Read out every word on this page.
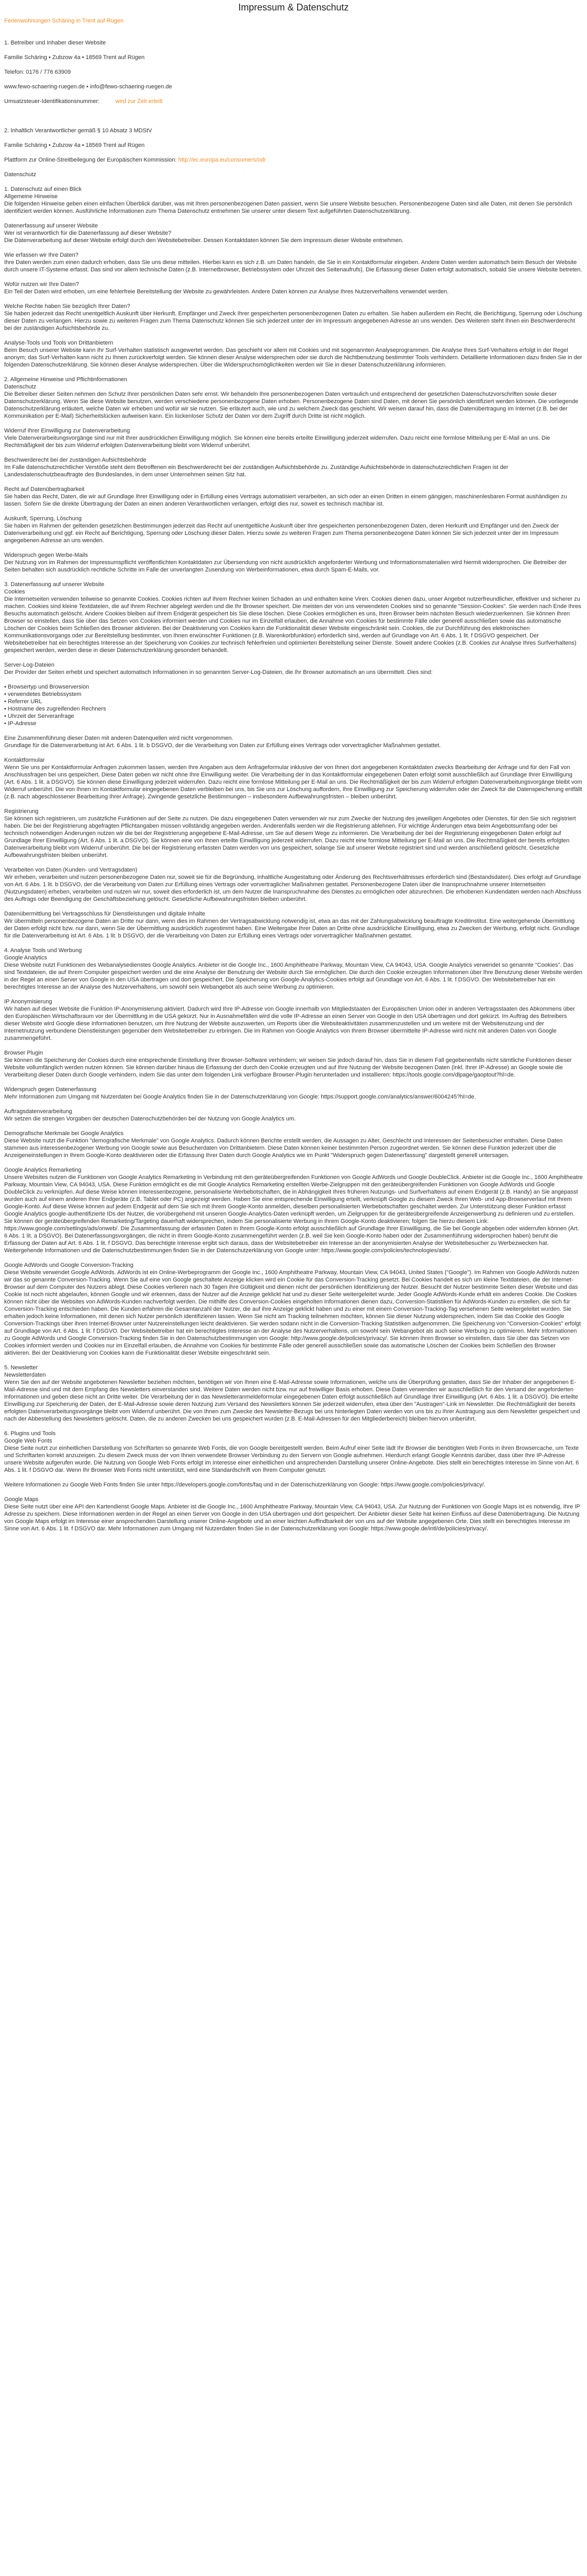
Impressum & Datenschutz
Ferienwohnungen Schäring in Trent auf Rügen
1. Betreiber und Inhaber dieser Website
Familie Schäring • Zubzow 4a • 18569 Trent auf Rügen
Telefon: 0176 / 776 63909
www.fewo-schaering-ruegen.de • info@fewo-schaering-ruegen.de
Umsatzsteuer-Identifikationsnummer:	wird zur Zeit erteilt
2. Inhaltlich Verantwortlicher gemäß § 10 Absatz 3 MDStV
Familie Schäring • Zubzow 4a • 18569 Trent auf Rügen
Plattform zur Online-Streitbeilegung der Europäischen Kommission: http://ec.europa.eu/consumers/odr

Datenschutz

1. Datenschutz auf einen Blick
Allgemeine Hinweise
Die folgenden Hinweise geben einen einfachen Überblick darüber, was mit Ihren personenbezogenen Daten passiert, wenn Sie unsere Website besuchen. Personenbezogene Daten sind alle Daten, mit denen Sie persönlich identifiziert werden können. Ausführliche Informationen zum Thema Datenschutz entnehmen Sie unserer unter diesem Text aufgeführten Datenschutzerklärung.
Datenerfassung auf unserer Website
Wer ist verantwortlich für die Datenerfassung auf dieser Website?
Die Datenverarbeitung auf dieser Website erfolgt durch den Websitebetreiber. Dessen Kontaktdaten können Sie dem Impressum dieser Website entnehmen.
Wie erfassen wir Ihre Daten?
Ihre Daten werden zum einen dadurch erhoben, dass Sie uns diese mitteilen. Hierbei kann es sich z.B. um Daten handeln, die Sie in ein Kontaktformular eingeben. Andere Daten werden automatisch beim Besuch der Website durch unsere IT-Systeme erfasst. Das sind vor allem technische Daten (z.B. Internetbrowser, Betriebssystem oder Uhrzeit des Seitenaufrufs). Die Erfassung dieser Daten erfolgt automatisch, sobald Sie unsere Website betreten.
Wofür nutzen wir Ihre Daten?
Ein Teil der Daten wird erhoben, um eine fehlerfreie Bereitstellung der Website zu gewährleisten. Andere Daten können zur Analyse Ihres Nutzerverhaltens verwendet werden.
Welche Rechte haben Sie bezüglich Ihrer Daten?
Sie haben jederzeit das Recht unentgeltlich Auskunft über Herkunft, Empfänger und Zweck Ihrer gespeicherten personenbezogenen Daten zu erhalten. Sie haben außerdem ein Recht, die Berichtigung, Sperrung oder Löschung dieser Daten zu verlangen. Hierzu sowie zu weiteren Fragen zum Thema Datenschutz können Sie sich jederzeit unter der im Impressum angegebenen Adresse an uns wenden. Des Weiteren steht Ihnen ein Beschwerderecht bei der zuständigen Aufsichtsbehörde zu.
Analyse-Tools und Tools von Drittanbietern
Beim Besuch unserer Website kann Ihr Surf-Verhalten statistisch ausgewertet werden. Das geschieht vor allem mit Cookies und mit sogenannten Analyseprogrammen. Die Analyse Ihres Surf-Verhaltens erfolgt in der Regel anonym; das Surf-Verhalten kann nicht zu Ihnen zurückverfolgt werden. Sie können dieser Analyse widersprechen oder sie durch die Nichtbenutzung bestimmter Tools verhindern. Detaillierte Informationen dazu finden Sie in der folgenden Datenschutzerklärung. Sie können dieser Analyse widersprechen. Über die Widerspruchsmöglichkeiten werden wir Sie in dieser Datenschutzerklärung informieren.
2. Allgemeine Hinweise und Pflichtinformationen
Datenschutz
Die Betreiber dieser Seiten nehmen den Schutz Ihrer persönlichen Daten sehr ernst. Wir behandeln Ihre personenbezogenen Daten vertraulich und entsprechend der gesetzlichen Datenschutzvorschriften sowie dieser Datenschutzerklärung. Wenn Sie diese Website benutzen, werden verschiedene personenbezogene Daten erhoben. Personenbezogene Daten sind Daten, mit denen Sie persönlich identifiziert werden können. Die vorliegende Datenschutzerklärung erläutert, welche Daten wir erheben und wofür wir sie nutzen. Sie erläutert auch, wie und zu welchem Zweck das geschieht. Wir weisen darauf hin, dass die Datenübertragung im Internet (z.B. bei der Kommunikation per E-Mail) Sicherheitslücken aufweisen kann. Ein lückenloser Schutz der Daten vor dem Zugriff durch Dritte ist nicht möglich.
Widerruf Ihrer Einwilligung zur Datenverarbeitung
Viele Datenverarbeitungsvorgänge sind nur mit Ihrer ausdrücklichen Einwilligung möglich. Sie können eine bereits erteilte Einwilligung jederzeit widerrufen. Dazu reicht eine formlose Mitteilung per E-Mail an uns. Die Rechtmäßigkeit der bis zum Widerruf erfolgten Datenverarbeitung bleibt vom Widerruf unberührt.
Beschwerderecht bei der zuständigen Aufsichtsbehörde
Im Falle datenschutzrechtlicher Verstöße steht dem Betroffenen ein Beschwerderecht bei der zuständigen Aufsichtsbehörde zu. Zuständige Aufsichtsbehörde in datenschutzrechtlichen Fragen ist der Landesdatenschutzbeauftragte des Bundeslandes, in dem unser Unternehmen seinen Sitz hat.
Recht auf Datenübertragbarkeit
Sie haben das Recht, Daten, die wir auf Grundlage Ihrer Einwilligung oder in Erfüllung eines Vertrags automatisiert verarbeiten, an sich oder an einen Dritten in einem gängigen, maschinenlesbaren Format aushändigen zu lassen. Sofern Sie die direkte Übertragung der Daten an einen anderen Verantwortlichen verlangen, erfolgt dies nur, soweit es technisch machbar ist.
Auskunft, Sperrung, Löschung
Sie haben im Rahmen der geltenden gesetzlichen Bestimmungen jederzeit das Recht auf unentgeltliche Auskunft über Ihre gespeicherten personenbezogenen Daten, deren Herkunft und Empfänger und den Zweck der Datenverarbeitung und ggf. ein Recht auf Berichtigung, Sperrung oder Löschung dieser Daten. Hierzu sowie zu weiteren Fragen zum Thema personenbezogene Daten können Sie sich jederzeit unter der im Impressum angegebenen Adresse an uns wenden.
Widerspruch gegen Werbe-Mails
Der Nutzung von im Rahmen der Impressumspflicht veröffentlichten Kontaktdaten zur Übersendung von nicht ausdrücklich angeforderter Werbung und Informationsmaterialien wird hiermit widersprochen. Die Betreiber der Seiten behalten sich ausdrücklich rechtliche Schritte im Falle der unverlangten Zusendung von Werbeinformationen, etwa durch Spam-E-Mails, vor.
3. Datenerfassung auf unserer Website
Cookies
Die Internetseiten verwenden teilweise so genannte Cookies. Cookies richten auf Ihrem Rechner keinen Schaden an und enthalten keine Viren. Cookies dienen dazu, unser Angebot nutzerfreundlicher, effektiver und sicherer zu machen. Cookies sind kleine Textdateien, die auf Ihrem Rechner abgelegt werden und die Ihr Browser speichert. Die meisten der von uns verwendeten Cookies sind so genannte "Session-Cookies". Sie werden nach Ende Ihres Besuchs automatisch gelöscht. Andere Cookies bleiben auf Ihrem Endgerät gespeichert bis Sie diese löschen. Diese Cookies ermöglichen es uns, Ihren Browser beim nächsten Besuch wiederzuerkennen. Sie können Ihren Browser so einstellen, dass Sie über das Setzen von Cookies informiert werden und Cookies nur im Einzelfall erlauben, die Annahme von Cookies für bestimmte Fälle oder generell ausschließen sowie das automatische Löschen der Cookies beim Schließen des Browser aktivieren. Bei der Deaktivierung von Cookies kann die Funktionalität dieser Website eingeschränkt sein. Cookies, die zur Durchführung des elektronischen Kommunikationsvorgangs oder zur Bereitstellung bestimmter, von Ihnen erwünschter Funktionen (z.B. Warenkorbfunktion) erforderlich sind, werden auf Grundlage von Art. 6 Abs. 1 lit. f DSGVO gespeichert. Der Websitebetreiber hat ein berechtigtes Interesse an der Speicherung von Cookies zur technisch fehlerfreien und optimierten Bereitstellung seiner Dienste. Soweit andere Cookies (z.B. Cookies zur Analyse Ihres Surfverhaltens) gespeichert werden, werden diese in dieser Datenschutzerklärung gesondert behandelt.
Server-Log-Dateien
Der Provider der Seiten erhebt und speichert automatisch Informationen in so genannten Server-Log-Dateien, die Ihr Browser automatisch an uns übermittelt. Dies sind:
• Browsertyp und Browserversion
• verwendetes Betriebssystem
• Referrer URL
• Hostname des zugreifenden Rechners
• Uhrzeit der Serveranfrage
• IP-Adresse
Eine Zusammenführung dieser Daten mit anderen Datenquellen wird nicht vorgenommen.
Grundlage für die Datenverarbeitung ist Art. 6 Abs. 1 lit. b DSGVO, der die Verarbeitung von Daten zur Erfüllung eines Vertrags oder vorvertraglicher Maßnahmen gestattet.
Kontaktformular
Wenn Sie uns per Kontaktformular Anfragen zukommen lassen, werden Ihre Angaben aus dem Anfrageformular inklusive der von Ihnen dort angegebenen Kontaktdaten zwecks Bearbeitung der Anfrage und für den Fall von Anschlussfragen bei uns gespeichert. Diese Daten geben wir nicht ohne Ihre Einwilligung weiter. Die Verarbeitung der in das Kontaktformular eingegebenen Daten erfolgt somit ausschließlich auf Grundlage Ihrer Einwilligung (Art. 6 Abs. 1 lit. a DSGVO). Sie können diese Einwilligung jederzeit widerrufen. Dazu reicht eine formlose Mitteilung per E-Mail an uns. Die Rechtmäßigkeit der bis zum Widerruf erfolgten Datenverarbeitungsvorgänge bleibt vom Widerruf unberührt. Die von Ihnen im Kontaktformular eingegebenen Daten verbleiben bei uns, bis Sie uns zur Löschung auffordern, Ihre Einwilligung zur Speicherung widerrufen oder der Zweck für die Datenspeicherung entfällt (z.B. nach abgeschlossener Bearbeitung Ihrer Anfrage). Zwingende gesetzliche Bestimmungen – insbesondere Aufbewahrungsfristen – bleiben unberührt.
Registrierung
Sie können sich registrieren, um zusätzliche Funktionen auf der Seite zu nutzen. Die dazu eingegebenen Daten verwenden wir nur zum Zwecke der Nutzung des jeweiligen Angebotes oder Dienstes, für den Sie sich registriert haben. Die bei der Registrierung abgefragten Pflichtangaben müssen vollständig angegeben werden. Anderenfalls werden wir die Registrierung ablehnen. Für wichtige Änderungen etwa beim Angebotsumfang oder bei technisch notwendigen Änderungen nutzen wir die bei der Registrierung angegebene E-Mail-Adresse, um Sie auf diesem Wege zu informieren. Die Verarbeitung der bei der Registrierung eingegebenen Daten erfolgt auf Grundlage Ihrer Einwilligung (Art. 6 Abs. 1 lit. a DSGVO). Sie können eine von Ihnen erteilte Einwilligung jederzeit widerrufen. Dazu reicht eine formlose Mitteilung per E-Mail an uns. Die Rechtmäßigkeit der bereits erfolgten Datenverarbeitung bleibt vom Widerruf unberührt. Die bei der Registrierung erfassten Daten werden von uns gespeichert, solange Sie auf unserer Website registriert sind und werden anschließend gelöscht. Gesetzliche Aufbewahrungsfristen bleiben unberührt.
Verarbeiten von Daten (Kunden- und Vertragsdaten)
Wir erheben, verarbeiten und nutzen personenbezogene Daten nur, soweit sie für die Begründung, inhaltliche Ausgestaltung oder Änderung des Rechtsverhältnisses erforderlich sind (Bestandsdaten). Dies erfolgt auf Grundlage von Art. 6 Abs. 1 lit. b DSGVO, der die Verarbeitung von Daten zur Erfüllung eines Vertrags oder vorvertraglicher Maßnahmen gestattet. Personenbezogene Daten über die Inanspruchnahme unserer Internetseiten (Nutzungsdaten) erheben, verarbeiten und nutzen wir nur, soweit dies erforderlich ist, um dem Nutzer die Inanspruchnahme des Dienstes zu ermöglichen oder abzurechnen. Die erhobenen Kundendaten werden nach Abschluss des Auftrags oder Beendigung der Geschäftsbeziehung gelöscht. Gesetzliche Aufbewahrungsfristen bleiben unberührt.
Datenübermittlung bei Vertragsschluss für Dienstleistungen und digitale Inhalte
Wir übermitteln personenbezogene Daten an Dritte nur dann, wenn dies im Rahmen der Vertragsabwicklung notwendig ist, etwa an das mit der Zahlungsabwicklung beauftragte Kreditinstitut. Eine weitergehende Übermittlung der Daten erfolgt nicht bzw. nur dann, wenn Sie der Übermittlung ausdrücklich zugestimmt haben. Eine Weitergabe Ihrer Daten an Dritte ohne ausdrückliche Einwilligung, etwa zu Zwecken der Werbung, erfolgt nicht. Grundlage für die Datenverarbeitung ist Art. 6 Abs. 1 lit. b DSGVO, der die Verarbeitung von Daten zur Erfüllung eines Vertrags oder vorvertraglicher Maßnahmen gestattet.
4. Analyse Tools und Werbung
Google Analytics
Diese Website nutzt Funktionen des Webanalysedienstes Google Analytics. Anbieter ist die Google Inc., 1600 Amphitheatre Parkway, Mountain View, CA 94043, USA. Google Analytics verwendet so genannte "Cookies". Das sind Textdateien, die auf Ihrem Computer gespeichert werden und die eine Analyse der Benutzung der Website durch Sie ermöglichen. Die durch den Cookie erzeugten Informationen über Ihre Benutzung dieser Website werden in der Regel an einen Server von Google in den USA übertragen und dort gespeichert. Die Speicherung von Google-Analytics-Cookies erfolgt auf Grundlage von Art. 6 Abs. 1 lit. f DSGVO. Der Websitebetreiber hat ein berechtigtes Interesse an der Analyse des Nutzerverhaltens, um sowohl sein Webangebot als auch seine Werbung zu optimieren.
IP Anonymisierung
Wir haben auf dieser Website die Funktion IP-Anonymisierung aktiviert. Dadurch wird Ihre IP-Adresse von Google innerhalb von Mitgliedstaaten der Europäischen Union oder in anderen Vertragsstaaten des Abkommens über den Europäischen Wirtschaftsraum vor der Übermittlung in die USA gekürzt. Nur in Ausnahmefällen wird die volle IP-Adresse an einen Server von Google in den USA übertragen und dort gekürzt. Im Auftrag des Betreibers dieser Website wird Google diese Informationen benutzen, um Ihre Nutzung der Website auszuwerten, um Reports über die Websiteaktivitäten zusammenzustellen und um weitere mit der Websitenutzung und der Internetnutzung verbundene Dienstleistungen gegenüber dem Websitebetreiber zu erbringen. Die im Rahmen von Google Analytics von Ihrem Browser übermittelte IP-Adresse wird nicht mit anderen Daten von Google zusammengeführt.
Browser Plugin
Sie können die Speicherung der Cookies durch eine entsprechende Einstellung Ihrer Browser-Software verhindern; wir weisen Sie jedoch darauf hin, dass Sie in diesem Fall gegebenenfalls nicht sämtliche Funktionen dieser Website vollumfänglich werden nutzen können. Sie können darüber hinaus die Erfassung der durch den Cookie erzeugten und auf Ihre Nutzung der Website bezogenen Daten (inkl. Ihrer IP-Adresse) an Google sowie die Verarbeitung dieser Daten durch Google verhindern, indem Sie das unter dem folgenden Link verfügbare Browser-Plugin herunterladen und installieren: https://tools.google.com/dlpage/gaoptout?hl=de.
Widerspruch gegen Datenerfassung
Mehr Informationen zum Umgang mit Nutzerdaten bei Google Analytics finden Sie in der Datenschutzerklärung von Google: https://support.google.com/analytics/answer/6004245?hl=de.
Auftragsdatenverarbeitung
Wir setzen die strengen Vorgaben der deutschen Datenschutzbehörden bei der Nutzung von Google Analytics um.
Demografische Merkmale bei Google Analytics
Diese Website nutzt die Funktion "demografische Merkmale" von Google Analytics. Dadurch können Berichte erstellt werden, die Aussagen zu Alter, Geschlecht und Interessen der Seitenbesucher enthalten. Diese Daten stammen aus interessenbezogener Werbung von Google sowie aus Besucherdaten von Drittanbietern. Diese Daten können keiner bestimmten Person zugeordnet werden. Sie können diese Funktion jederzeit über die Anzeigeneinstellungen in Ihrem Google-Konto deaktivieren oder die Erfassung Ihrer Daten durch Google Analytics wie im Punkt "Widerspruch gegen Datenerfassung" dargestellt generell untersagen.
Google Analytics Remarketing
Unsere Websites nutzen die Funktionen von Google Analytics Remarketing in Verbindung mit den geräteübergreifenden Funktionen von Google AdWords und Google DoubleClick. Anbieter ist die Google Inc., 1600 Amphitheatre Parkway, Mountain View, CA 94043, USA. Diese Funktion ermöglicht es die mit Google Analytics Remarketing erstellten Werbe-Zielgruppen mit den geräteübergreifenden Funktionen von Google AdWords und Google DoubleClick zu verknüpfen. Auf diese Weise können interessenbezogene, personalisierte Werbebotschaften, die in Abhängigkeit Ihres früheren Nutzungs- und Surfverhaltens auf einem Endgerät (z.B. Handy) an Sie angepasst wurden auch auf einem anderen Ihrer Endgeräte (z.B. Tablet oder PC) angezeigt werden. Haben Sie eine entsprechende Einwilligung erteilt, verknüpft Google zu diesem Zweck Ihren Web- und App-Browserverlauf mit Ihrem Google-Konto. Auf diese Weise können auf jedem Endgerät auf dem Sie sich mit Ihrem Google-Konto anmelden, dieselben personalisierten Werbebotschaften geschaltet werden. Zur Unterstützung dieser Funktion erfasst Google Analytics google-authentifizierte IDs der Nutzer, die vorübergehend mit unseren Google-Analytics-Daten verknüpft werden, um Zielgruppen für die geräteübergreifende Anzeigenwerbung zu definieren und zu erstellen. Sie können der geräteübergreifenden Remarketing/Targeting dauerhaft widersprechen, indem Sie personalisierte Werbung in Ihrem Google-Konto deaktivieren; folgen Sie hierzu diesem Link: https://www.google.com/settings/ads/onweb/. Die Zusammenfassung der erfassten Daten in Ihrem Google-Konto erfolgt ausschließlich auf Grundlage Ihrer Einwilligung, die Sie bei Google abgeben oder widerrufen können (Art. 6 Abs. 1 lit. a DSGVO). Bei Datenerfassungsvorgängen, die nicht in Ihrem Google-Konto zusammengeführt werden (z.B. weil Sie kein Google-Konto haben oder der Zusammenführung widersprochen haben) beruht die Erfassung der Daten auf Art. 6 Abs. 1 lit. f DSGVO. Das berechtigte Interesse ergibt sich daraus, dass der Websitebetreiber ein Interesse an der anonymisierten Analyse der Websitebesucher zu Werbezwecken hat.
Weitergehende Informationen und die Datenschutzbestimmungen finden Sie in der Datenschutzerklärung von Google unter: https://www.google.com/policies/technologies/ads/.
Google AdWords und Google Conversion-Tracking
Diese Website verwendet Google AdWords. AdWords ist ein Online-Werbeprogramm der Google Inc., 1600 Amphitheatre Parkway, Mountain View, CA 94043, United States ("Google"). Im Rahmen von Google AdWords nutzen wir das so genannte Conversion-Tracking. Wenn Sie auf eine von Google geschaltete Anzeige klicken wird ein Cookie für das Conversion-Tracking gesetzt. Bei Cookies handelt es sich um kleine Textdateien, die der Internet-Browser auf dem Computer des Nutzers ablegt. Diese Cookies verlieren nach 30 Tagen ihre Gültigkeit und dienen nicht der persönlichen Identifizierung der Nutzer. Besucht der Nutzer bestimmte Seiten dieser Website und das Cookie ist noch nicht abgelaufen, können Google und wir erkennen, dass der Nutzer auf die Anzeige geklickt hat und zu dieser Seite weitergeleitet wurde. Jeder Google AdWords-Kunde erhält ein anderes Cookie. Die Cookies können nicht über die Websites von AdWords-Kunden nachverfolgt werden. Die mithilfe des Conversion-Cookies eingeholten Informationen dienen dazu, Conversion-Statistiken für AdWords-Kunden zu erstellen, die sich für Conversion-Tracking entschieden haben. Die Kunden erfahren die Gesamtanzahl der Nutzer, die auf ihre Anzeige geklickt haben und zu einer mit einem Conversion-Tracking-Tag versehenen Seite weitergeleitet wurden. Sie erhalten jedoch keine Informationen, mit denen sich Nutzer persönlich identifizieren lassen. Wenn Sie nicht am Tracking teilnehmen möchten, können Sie dieser Nutzung widersprechen, indem Sie das Cookie des Google Conversion-Trackings über ihren Internet-Browser unter Nutzereinstellungen leicht deaktivieren. Sie werden sodann nicht in die Conversion-Tracking Statistiken aufgenommen. Die Speicherung von "Conversion-Cookies" erfolgt auf Grundlage von Art. 6 Abs. 1 lit. f DSGVO. Der Websitebetreiber hat ein berechtigtes Interesse an der Analyse des Nutzerverhaltens, um sowohl sein Webangebot als auch seine Werbung zu optimieren. Mehr Informationen zu Google AdWords und Google Conversion-Tracking finden Sie in den Datenschutzbestimmungen von Google: http://www.google.de/policies/privacy/. Sie können Ihren Browser so einstellen, dass Sie über das Setzen von Cookies informiert werden und Cookies nur im Einzelfall erlauben, die Annahme von Cookies für bestimmte Fälle oder generell ausschließen sowie das automatische Löschen der Cookies beim Schließen des Browser aktivieren. Bei der Deaktivierung von Cookies kann die Funktionalität dieser Website eingeschränkt sein.
5. Newsletter
Newsletterdaten
Wenn Sie den auf der Website angebotenen Newsletter beziehen möchten, benötigen wir von Ihnen eine E-Mail-Adresse sowie Informationen, welche uns die Überprüfung gestatten, dass Sie der Inhaber der angegebenen E-Mail-Adresse sind und mit dem Empfang des Newsletters einverstanden sind. Weitere Daten werden nicht bzw. nur auf freiwilliger Basis erhoben. Diese Daten verwenden wir ausschließlich für den Versand der angeforderten Informationen und geben diese nicht an Dritte weiter. Die Verarbeitung der in das Newsletteranmeldeformular eingegebenen Daten erfolgt ausschließlich auf Grundlage Ihrer Einwilligung (Art. 6 Abs. 1 lit. a DSGVO). Die erteilte Einwilligung zur Speicherung der Daten, der E-Mail-Adresse sowie deren Nutzung zum Versand des Newsletters können Sie jederzeit widerrufen, etwa über den "Austragen"-Link im Newsletter. Die Rechtmäßigkeit der bereits erfolgten Datenverarbeitungsvorgänge bleibt vom Widerruf unberührt. Die von Ihnen zum Zwecke des Newsletter-Bezugs bei uns hinterlegten Daten werden von uns bis zu Ihrer Austragung aus dem Newsletter gespeichert und nach der Abbestellung des Newsletters gelöscht. Daten, die zu anderen Zwecken bei uns gespeichert wurden (z.B. E-Mail-Adressen für den Mitgliederbereich) bleiben hiervon unberührt.
6. Plugins und Tools
Google Web Fonts
Diese Seite nutzt zur einheitlichen Darstellung von Schriftarten so genannte Web Fonts, die von Google bereitgestellt werden. Beim Aufruf einer Seite lädt Ihr Browser die benötigten Web Fonts in ihren Browsercache, um Texte und Schriftarten korrekt anzuzeigen. Zu diesem Zweck muss der von Ihnen verwendete Browser Verbindung zu den Servern von Google aufnehmen. Hierdurch erlangt Google Kenntnis darüber, dass über Ihre IP-Adresse unsere Website aufgerufen wurde. Die Nutzung von Google Web Fonts erfolgt im Interesse einer einheitlichen und ansprechenden Darstellung unserer Online-Angebote. Dies stellt ein berechtigtes Interesse im Sinne von Art. 6 Abs. 1 lit. f DSGVO dar. Wenn Ihr Browser Web Fonts nicht unterstützt, wird eine Standardschrift von Ihrem Computer genutzt.
Weitere Informationen zu Google Web Fonts finden Sie unter https://developers.google.com/fonts/faq und in der Datenschutzerklärung von Google: https://www.google.com/policies/privacy/.
Google Maps
Diese Seite nutzt über eine API den Kartendienst Google Maps. Anbieter ist die Google Inc., 1600 Amphitheatre Parkway, Mountain View, CA 94043, USA. Zur Nutzung der Funktionen von Google Maps ist es notwendig, Ihre IP Adresse zu speichern. Diese Informationen werden in der Regel an einen Server von Google in den USA übertragen und dort gespeichert. Der Anbieter dieser Seite hat keinen Einfluss auf diese Datenübertragung. Die Nutzung von Google Maps erfolgt im Interesse einer ansprechenden Darstellung unserer Online-Angebote und an einer leichten Auffindbarkeit der von uns auf der Website angegebenen Orte. Dies stellt ein berechtigtes Interesse im Sinne von Art. 6 Abs. 1 lit. f DSGVO dar. Mehr Informationen zum Umgang mit Nutzerdaten finden Sie in der Datenschutzerklärung von Google: https://www.google.de/intl/de/policies/privacy/.
